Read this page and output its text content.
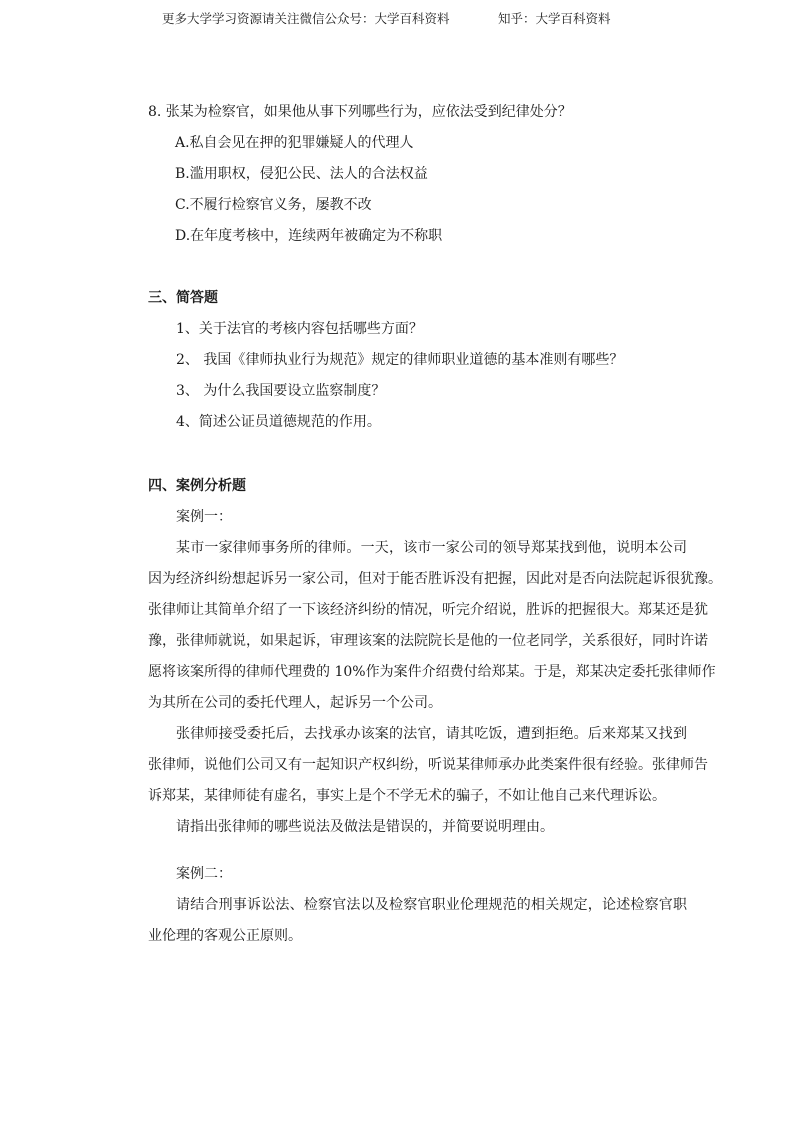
更多大学学习资源请关注微信公众号：大学百科资料	知乎：大学百科资料
8. 张某为检察官，如果他从事下列哪些行为，应依法受到纪律处分？
A.私自会见在押的犯罪嫌疑人的代理人
B.滥用职权，侵犯公民、法人的合法权益
C.不履行检察官义务，屡教不改
D.在年度考核中，连续两年被确定为不称职
三、简答题
1、关于法官的考核内容包括哪些方面？
2、 我国《律师执业行为规范》规定的律师职业道德的基本准则有哪些？
3、 为什么我国要设立监察制度？
4、简述公证员道德规范的作用。
四、案例分析题
案例一：
某市一家律师事务所的律师。一天，该市一家公司的领导郑某找到他，说明本公司
因为经济纠纷想起诉另一家公司，但对于能否胜诉没有把握，因此对是否向法院起诉很犹豫。
张律师让其简单介绍了一下该经济纠纷的情况，听完介绍说，胜诉的把握很大。郑某还是犹
豫，张律师就说，如果起诉，审理该案的法院院长是他的一位老同学，关系很好，同时许诺
愿将该案所得的律师代理费的 10%作为案件介绍费付给郑某。于是，郑某决定委托张律师作
为其所在公司的委托代理人，起诉另一个公司。
张律师接受委托后，去找承办该案的法官，请其吃饭，遭到拒绝。后来郑某又找到
张律师，说他们公司又有一起知识产权纠纷，听说某律师承办此类案件很有经验。张律师告
诉郑某，某律师徒有虚名，事实上是个不学无术的骗子，不如让他自己来代理诉讼。
请指出张律师的哪些说法及做法是错误的，并简要说明理由。
案例二：
请结合刑事诉讼法、检察官法以及检察官职业伦理规范的相关规定，论述检察官职
业伦理的客观公正原则。
